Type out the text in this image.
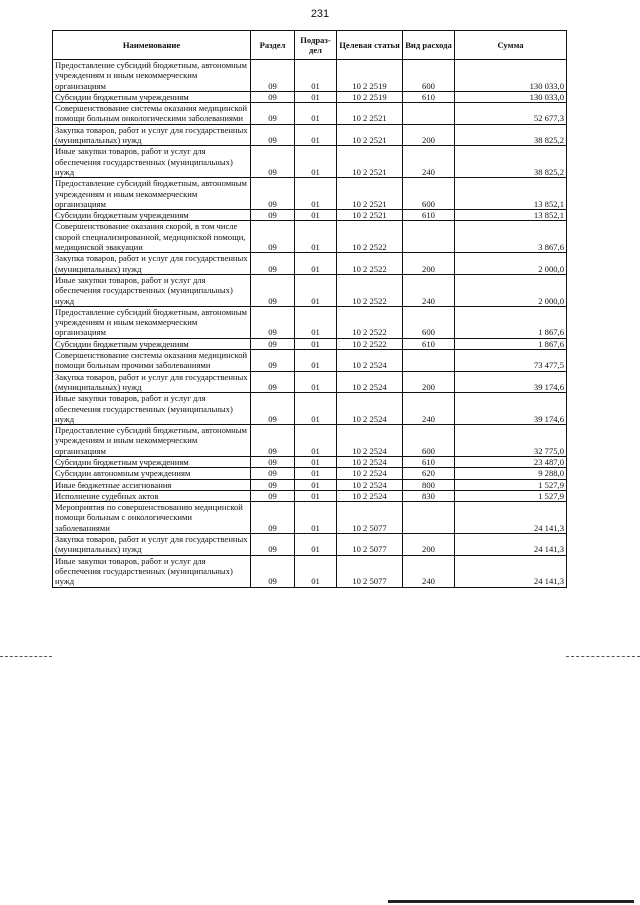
231
Наименование	Раздел	Подраз-дел	Целевая статья	Вид расхода	Сумма
Предоставление субсидий бюджетным, автономным учреждениям и иным некоммерческим организациям	09	01	10 2 2519	600	130 033,0
Субсидии бюджетным учреждениям	09	01	10 2 2519	610	130 033,0
Совершенствование системы оказания медицинской помощи больным онкологическими заболеваниями	09	01	10 2 2521		52 677,3
Закупка товаров, работ и услуг для государственных (муниципальных) нужд	09	01	10 2 2521	200	38 825,2
Иные закупки товаров, работ и услуг для обеспечения государственных (муниципальных) нужд	09	01	10 2 2521	240	38 825,2
Предоставление субсидий бюджетным, автономным учреждениям и иным некоммерческим организациям	09	01	10 2 2521	600	13 852,1
Субсидии бюджетным учреждениям	09	01	10 2 2521	610	13 852,1
Совершенствование оказания скорой, в том числе скорой специализированной, медицинской помощи, медицинской эвакуации	09	01	10 2 2522		3 867,6
Закупка товаров, работ и услуг для государственных (муниципальных) нужд	09	01	10 2 2522	200	2 000,0
Иные закупки товаров, работ и услуг для обеспечения государственных (муниципальных) нужд	09	01	10 2 2522	240	2 000,0
Предоставление субсидий бюджетным, автономным учреждениям и иным некоммерческим организациям	09	01	10 2 2522	600	1 867,6
Субсидии бюджетным учреждениям	09	01	10 2 2522	610	1 867,6
Совершенствование системы оказания медицинской помощи больным прочими заболеваниями	09	01	10 2 2524		73 477,5
Закупка товаров, работ и услуг для государственных (муниципальных) нужд	09	01	10 2 2524	200	39 174,6
Иные закупки товаров, работ и услуг для обеспечения государственных (муниципальных) нужд	09	01	10 2 2524	240	39 174,6
Предоставление субсидий бюджетным, автономным учреждениям и иным некоммерческим организациям	09	01	10 2 2524	600	32 775,0
Субсидии бюджетным учреждениям	09	01	10 2 2524	610	23 487,0
Субсидии автономным учреждениям	09	01	10 2 2524	620	9 288,0
Иные бюджетные ассигнования	09	01	10 2 2524	800	1 527,9
Исполнение судебных актов	09	01	10 2 2524	830	1 527,9
Мероприятия по совершенствованию медицинской помощи больным с онкологическими заболеваниями	09	01	10 2 5077		24 141,3
Закупка товаров, работ и услуг для государственных (муниципальных) нужд	09	01	10 2 5077	200	24 141,3
Иные закупки товаров, работ и услуг для обеспечения государственных (муниципальных) нужд	09	01	10 2 5077	240	24 141,3
